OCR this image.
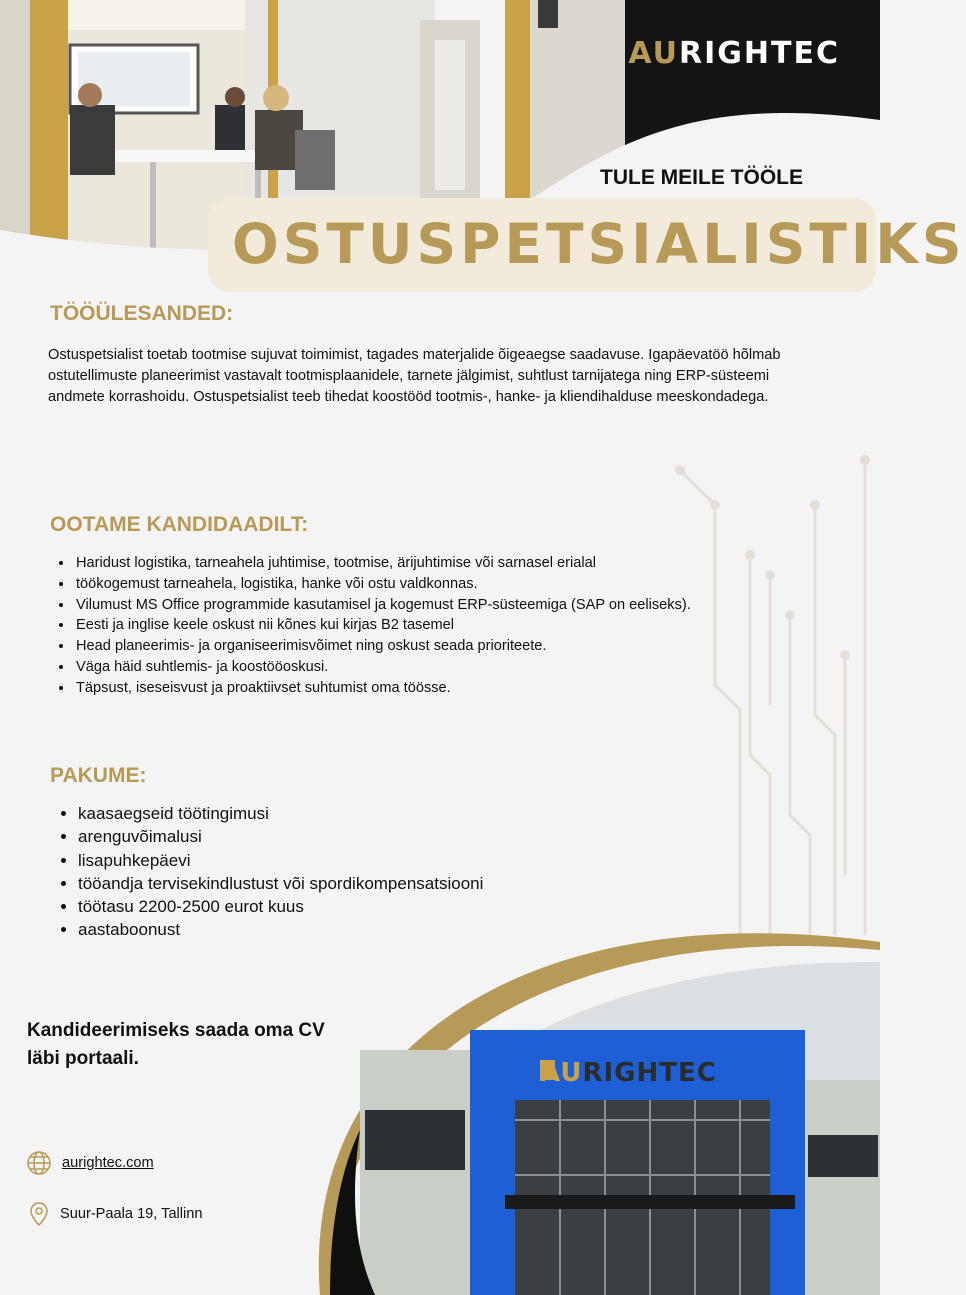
AURIGHTEC
TULE MEILE TÖÖLE
OSTUSPETSIALISTIKS
TÖÖÜLESANDED:
Ostuspetsialist toetab tootmise sujuvat toimimist, tagades materjalide õigeaegse saadavuse. Igapäevatöö hõlmab ostutellimuste planeerimist vastavalt tootmisplaanidele, tarnete jälgimist, suhtlust tarnijatega ning ERP-süsteemi andmete korrashoidu. Ostuspetsialist teeb tihedat koostööd tootmis-, hanke- ja kliendihalduse meeskondadega.
OOTAME KANDIDAADILT:
• Haridust logistika, tarneahela juhtimise, tootmise, ärijuhtimise või sarnasel erialal
• töökogemust tarneahela, logistika, hanke või ostu valdkonnas.
• Vilumust MS Office programmide kasutamisel ja kogemust ERP-süsteemiga (SAP on eeliseks).
• Eesti ja inglise keele oskust nii kõnes kui kirjas B2 tasemel
• Head planeerimis- ja organiseerimisvõimet ning oskust seada prioriteete.
• Väga häid suhtlemis- ja koostööoskusi.
• Täpsust, iseseisvust ja proaktiivset suhtumist oma töösse.
PAKUME:
• kaasaegseid töötingimusi
• arenguvõimalusi
• lisapuhkepäevi
• tööandja tervisekindlustust või spordikompensatsiooni
• töötasu 2200-2500 eurot kuus
• aastaboonust
AURIGHTEC
Kandideerimiseks saada oma CV
läbi portaali.
aurightec.com
Suur-Paala 19, Tallinn
